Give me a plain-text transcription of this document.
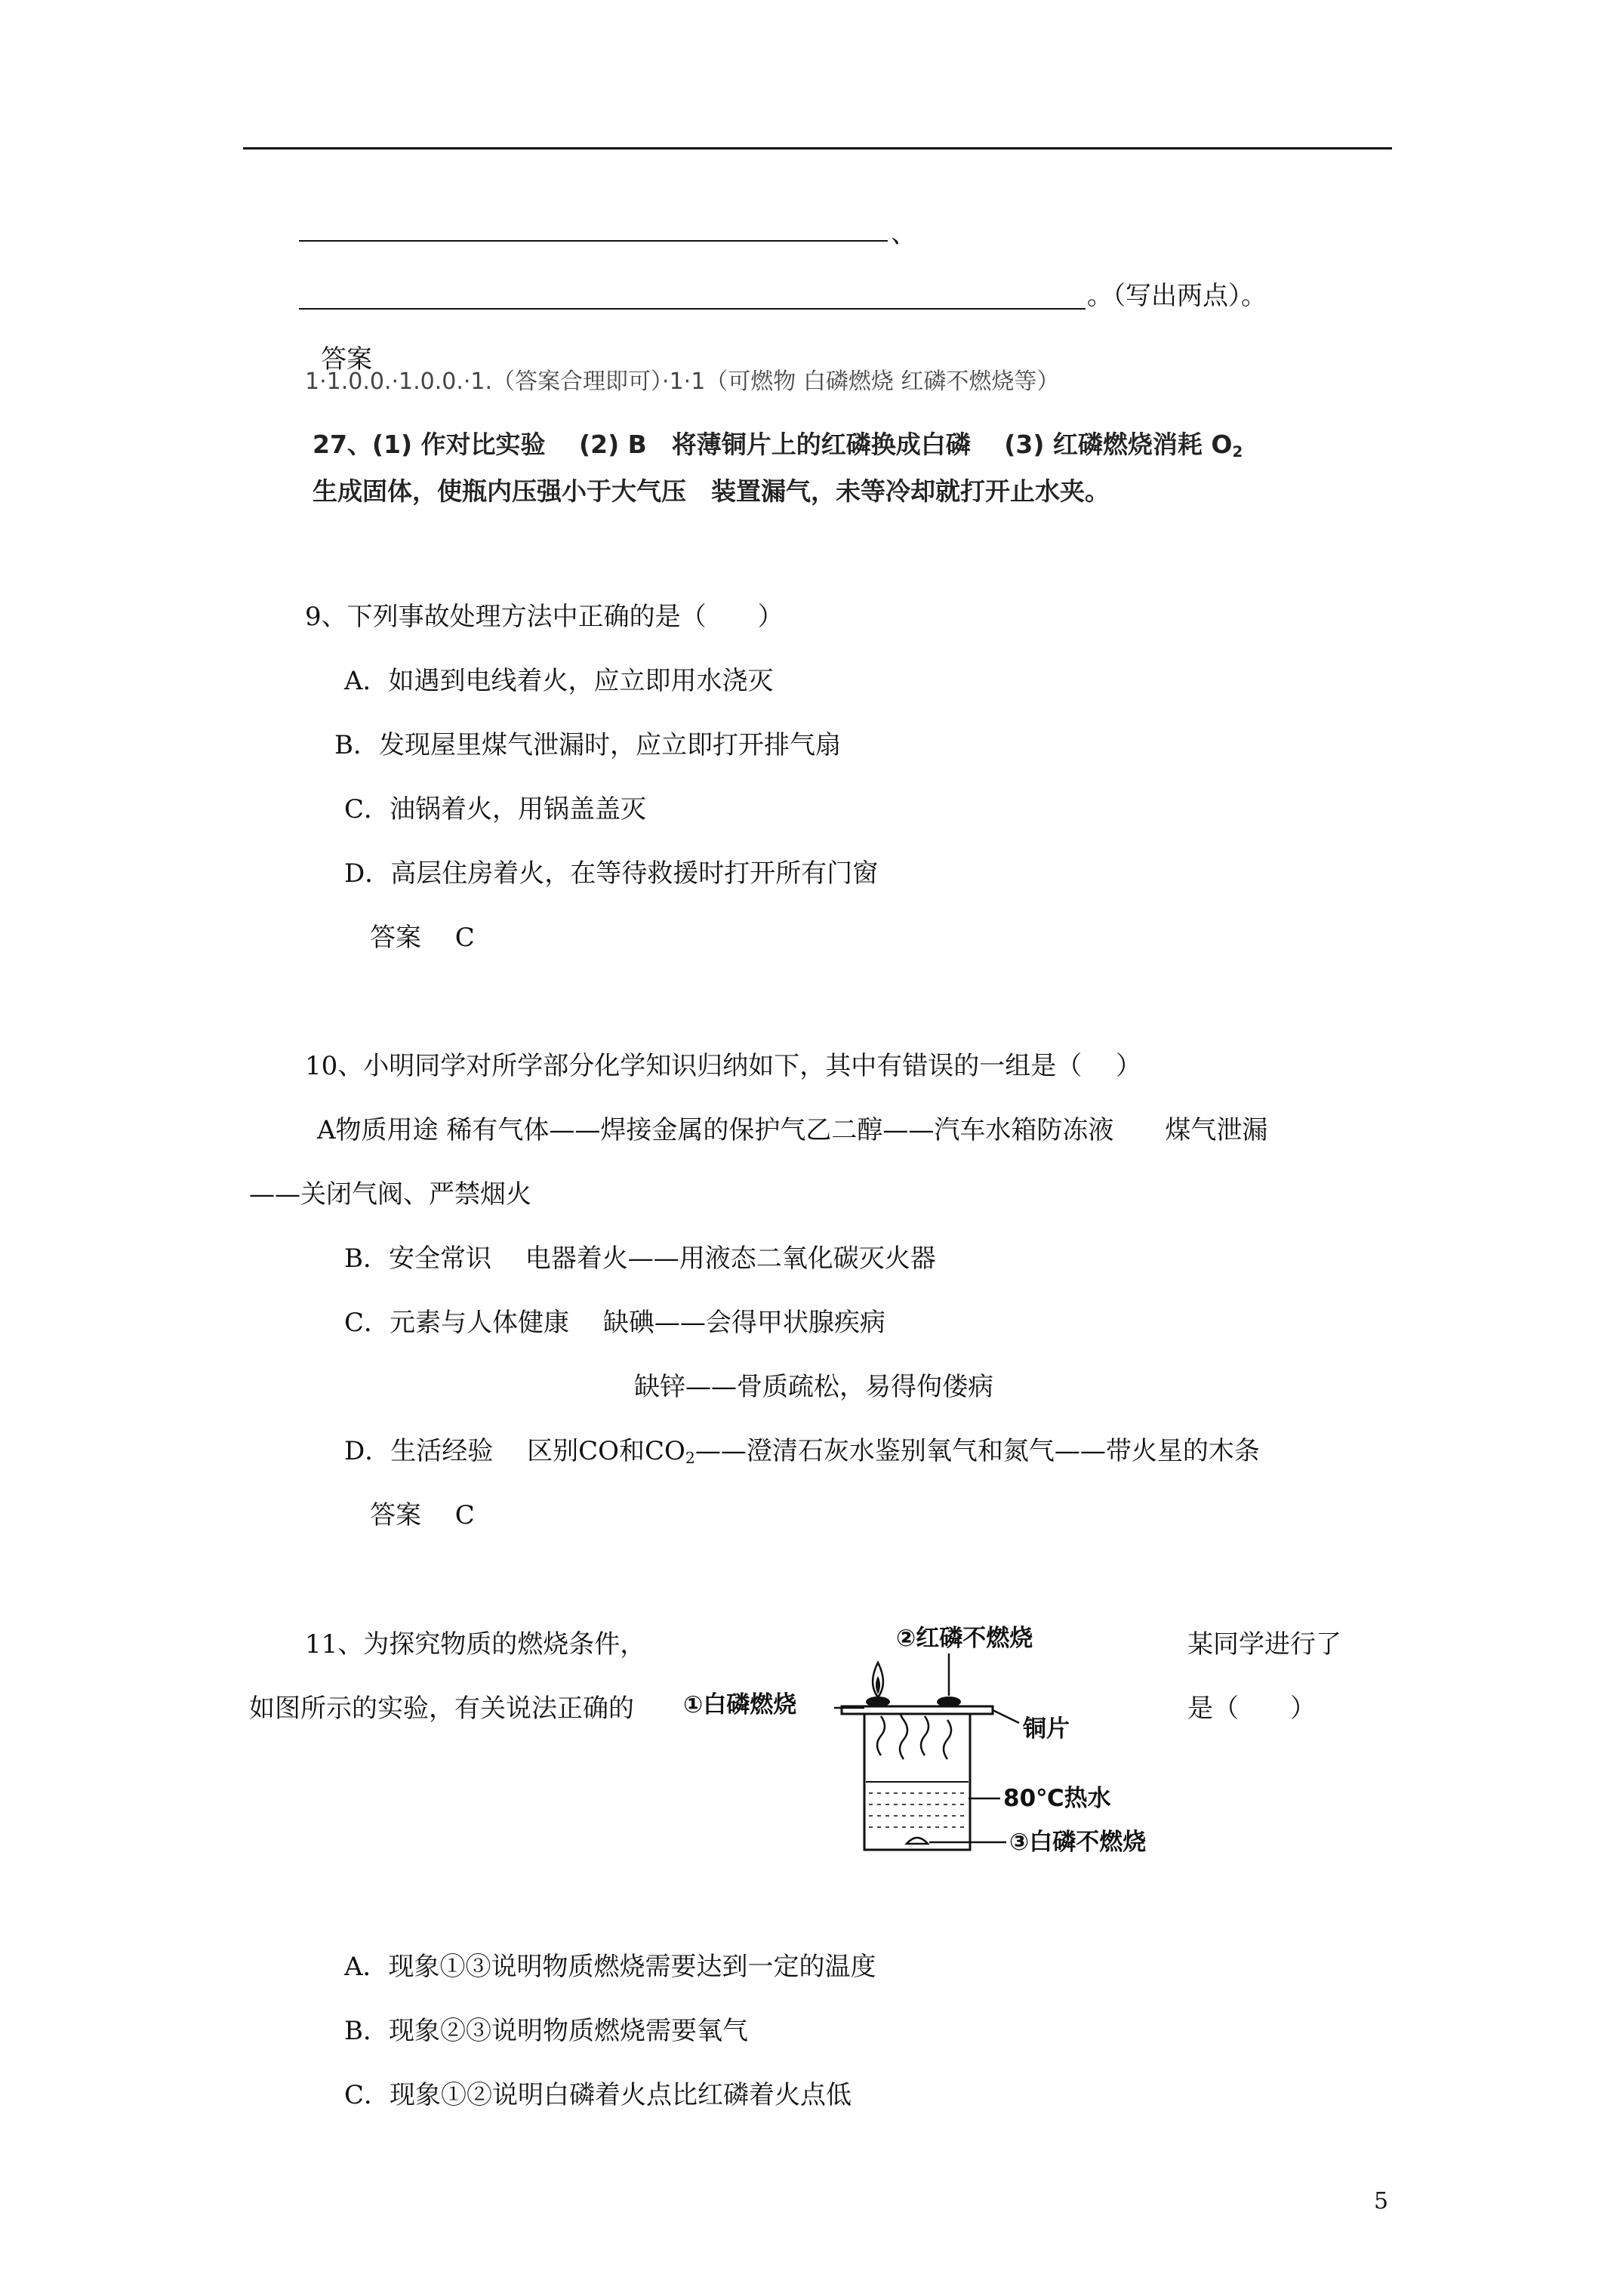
、
。（写出两点）。
答案
1·1.0.0.·1.0.0.·1.（答案合理即可）·1·1（可燃物 白磷燃烧 红磷不燃烧等）
27、(1) 作对比实验　 (2) B　将薄铜片上的红磷换成白磷　 (3) 红磷燃烧消耗 $O_2$
生成固体，使瓶内压强小于大气压　装置漏气，未等冷却就打开止水夹。
9、下列事故处理方法中正确的是（　　）
A．如遇到电线着火，应立即用水浇灭
B．发现屋里煤气泄漏时，应立即打开排气扇
C．油锅着火，用锅盖盖灭
D．高层住房着火，在等待救援时打开所有门窗
答案　 C
10、小明同学对所学部分化学知识归纳如下，其中有错误的一组是（　 ）
A物质用途 稀有气体——焊接金属的保护气乙二醇——汽车水箱防冻液　　煤气泄漏
——关闭气阀、严禁烟火
B．安全常识　 电器着火——用液态二氧化碳灭火器
C．元素与人体健康　 缺碘——会得甲状腺疾病
缺锌——骨质疏松，易得佝偻病
D．生活经验　 区别CO和$CO_2——$澄清石灰水鉴别氧气和氮气——带火星的木条
答案　 C
11、为探究物质的燃烧条件，	某同学进行了
如图所示的实验，有关说法正确的	是（　　）
②红磷不燃烧
①白磷燃烧
铜片
80℃热水
③白磷不燃烧
A．现象①③说明物质燃烧需要达到一定的温度
B．现象②③说明物质燃烧需要氧气
C．现象①②说明白磷着火点比红磷着火点低
5
